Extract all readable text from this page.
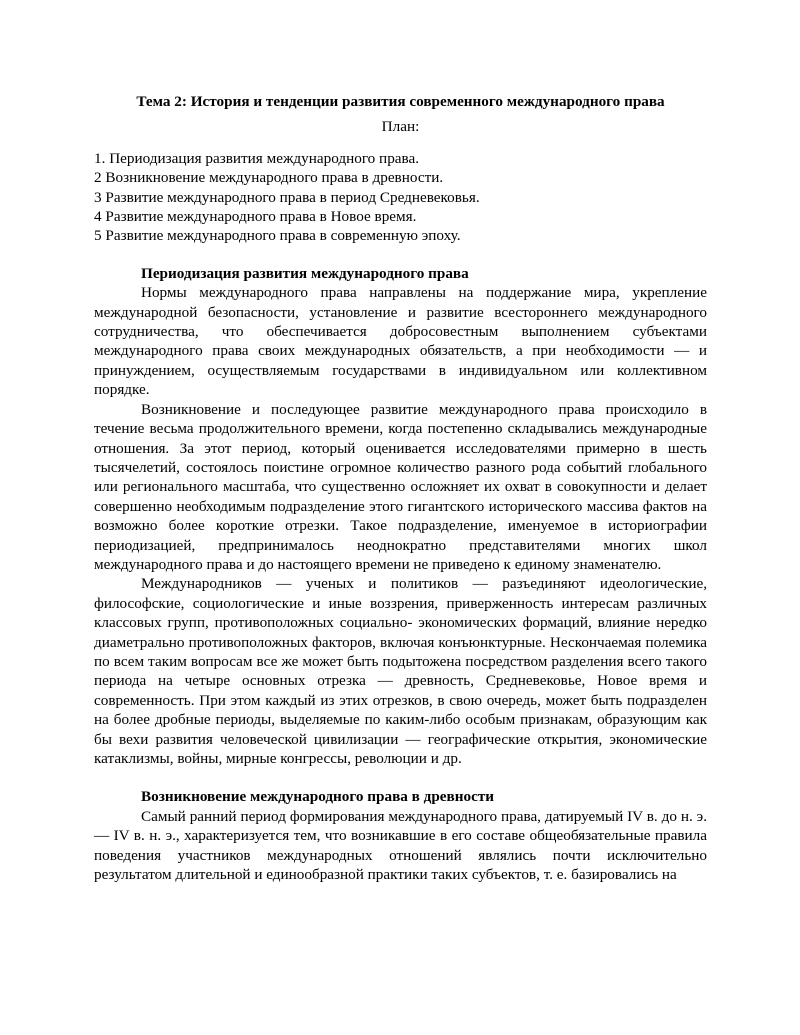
Тема 2: История и тенденции развития современного международного права

План:

1. Периодизация развития международного права.
2 Возникновение международного права в древности.
3 Развитие международного права в период Средневековья.
4 Развитие международного права в Новое время.
5 Развитие международного права в современную эпоху.

Периодизация развития международного права

Нормы международного права направлены на поддержание мира, укрепление международной безопасности, установление и развитие всестороннего международного сотрудничества, что обеспечивается добросовестным выполнением субъектами международного права своих международных обязательств, а при необходимости — и принуждением, осуществляемым государствами в индивидуальном или коллективном порядке.

Возникновение и последующее развитие международного права происходило в течение весьма продолжительного времени, когда постепенно складывались международные отношения. За этот период, который оценивается исследователями примерно в шесть тысячелетий, состоялось поистине огромное количество разного рода событий глобального или регионального масштаба, что существенно осложняет их охват в совокупности и делает совершенно необходимым подразделение этого гигантского исторического массива фактов на возможно более короткие отрезки. Такое подразделение, именуемое в историографии периодизацией, предпринималось неоднократно представителями многих школ международного права и до настоящего времени не приведено к единому знаменателю.

Международников — ученых и политиков — разъединяют идеологические, философские, социологические и иные воззрения, приверженность интересам различных классовых групп, противоположных социально- экономических формаций, влияние нередко диаметрально противоположных факторов, включая конъюнктурные. Нескончаемая полемика по всем таким вопросам все же может быть подытожена посредством разделения всего такого периода на четыре основных отрезка — древность, Средневековье, Новое время и современность. При этом каждый из этих отрезков, в свою очередь, может быть подразделен на более дробные периоды, выделяемые по каким-либо особым признакам, образующим как бы вехи развития человеческой цивилизации — географические открытия, экономические катаклизмы, войны, мирные конгрессы, революции и др.

Возникновение международного права в древности

Самый ранний период формирования международного права, датируемый IV в. до н. э. — IV в. н. э., характеризуется тем, что возникавшие в его составе общеобязательные правила поведения участников международных отношений являлись почти исключительно результатом длительной и единообразной практики таких субъектов, т. е. базировались на
